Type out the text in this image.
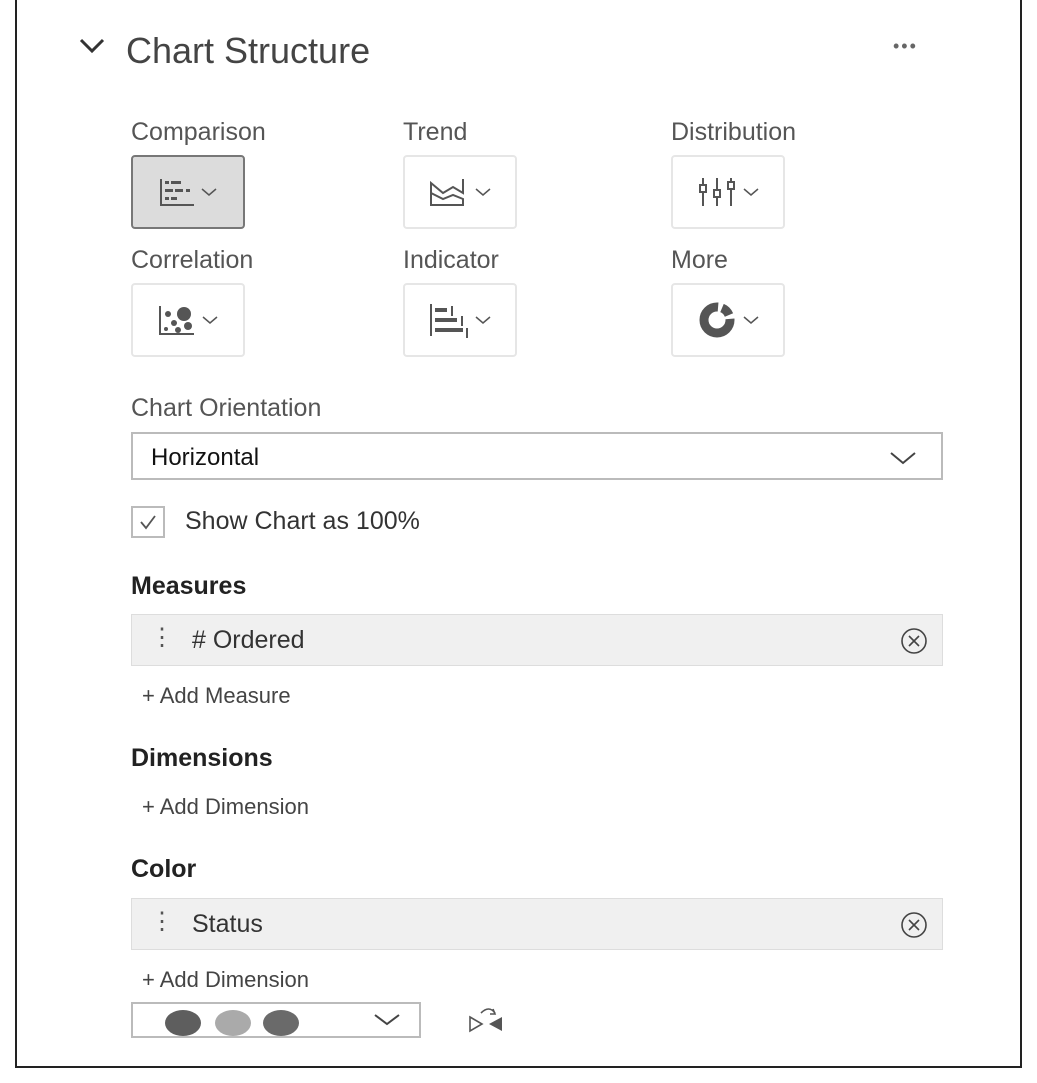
Chart Structure	•••
Comparison	Trend	Distribution
Correlation	Indicator	More
Chart Orientation
Horizontal
Show Chart as 100%
Measures
⋮ # Ordered
+ Add Measure
Dimensions
+ Add Dimension
Color
⋮ Status
+ Add Dimension
